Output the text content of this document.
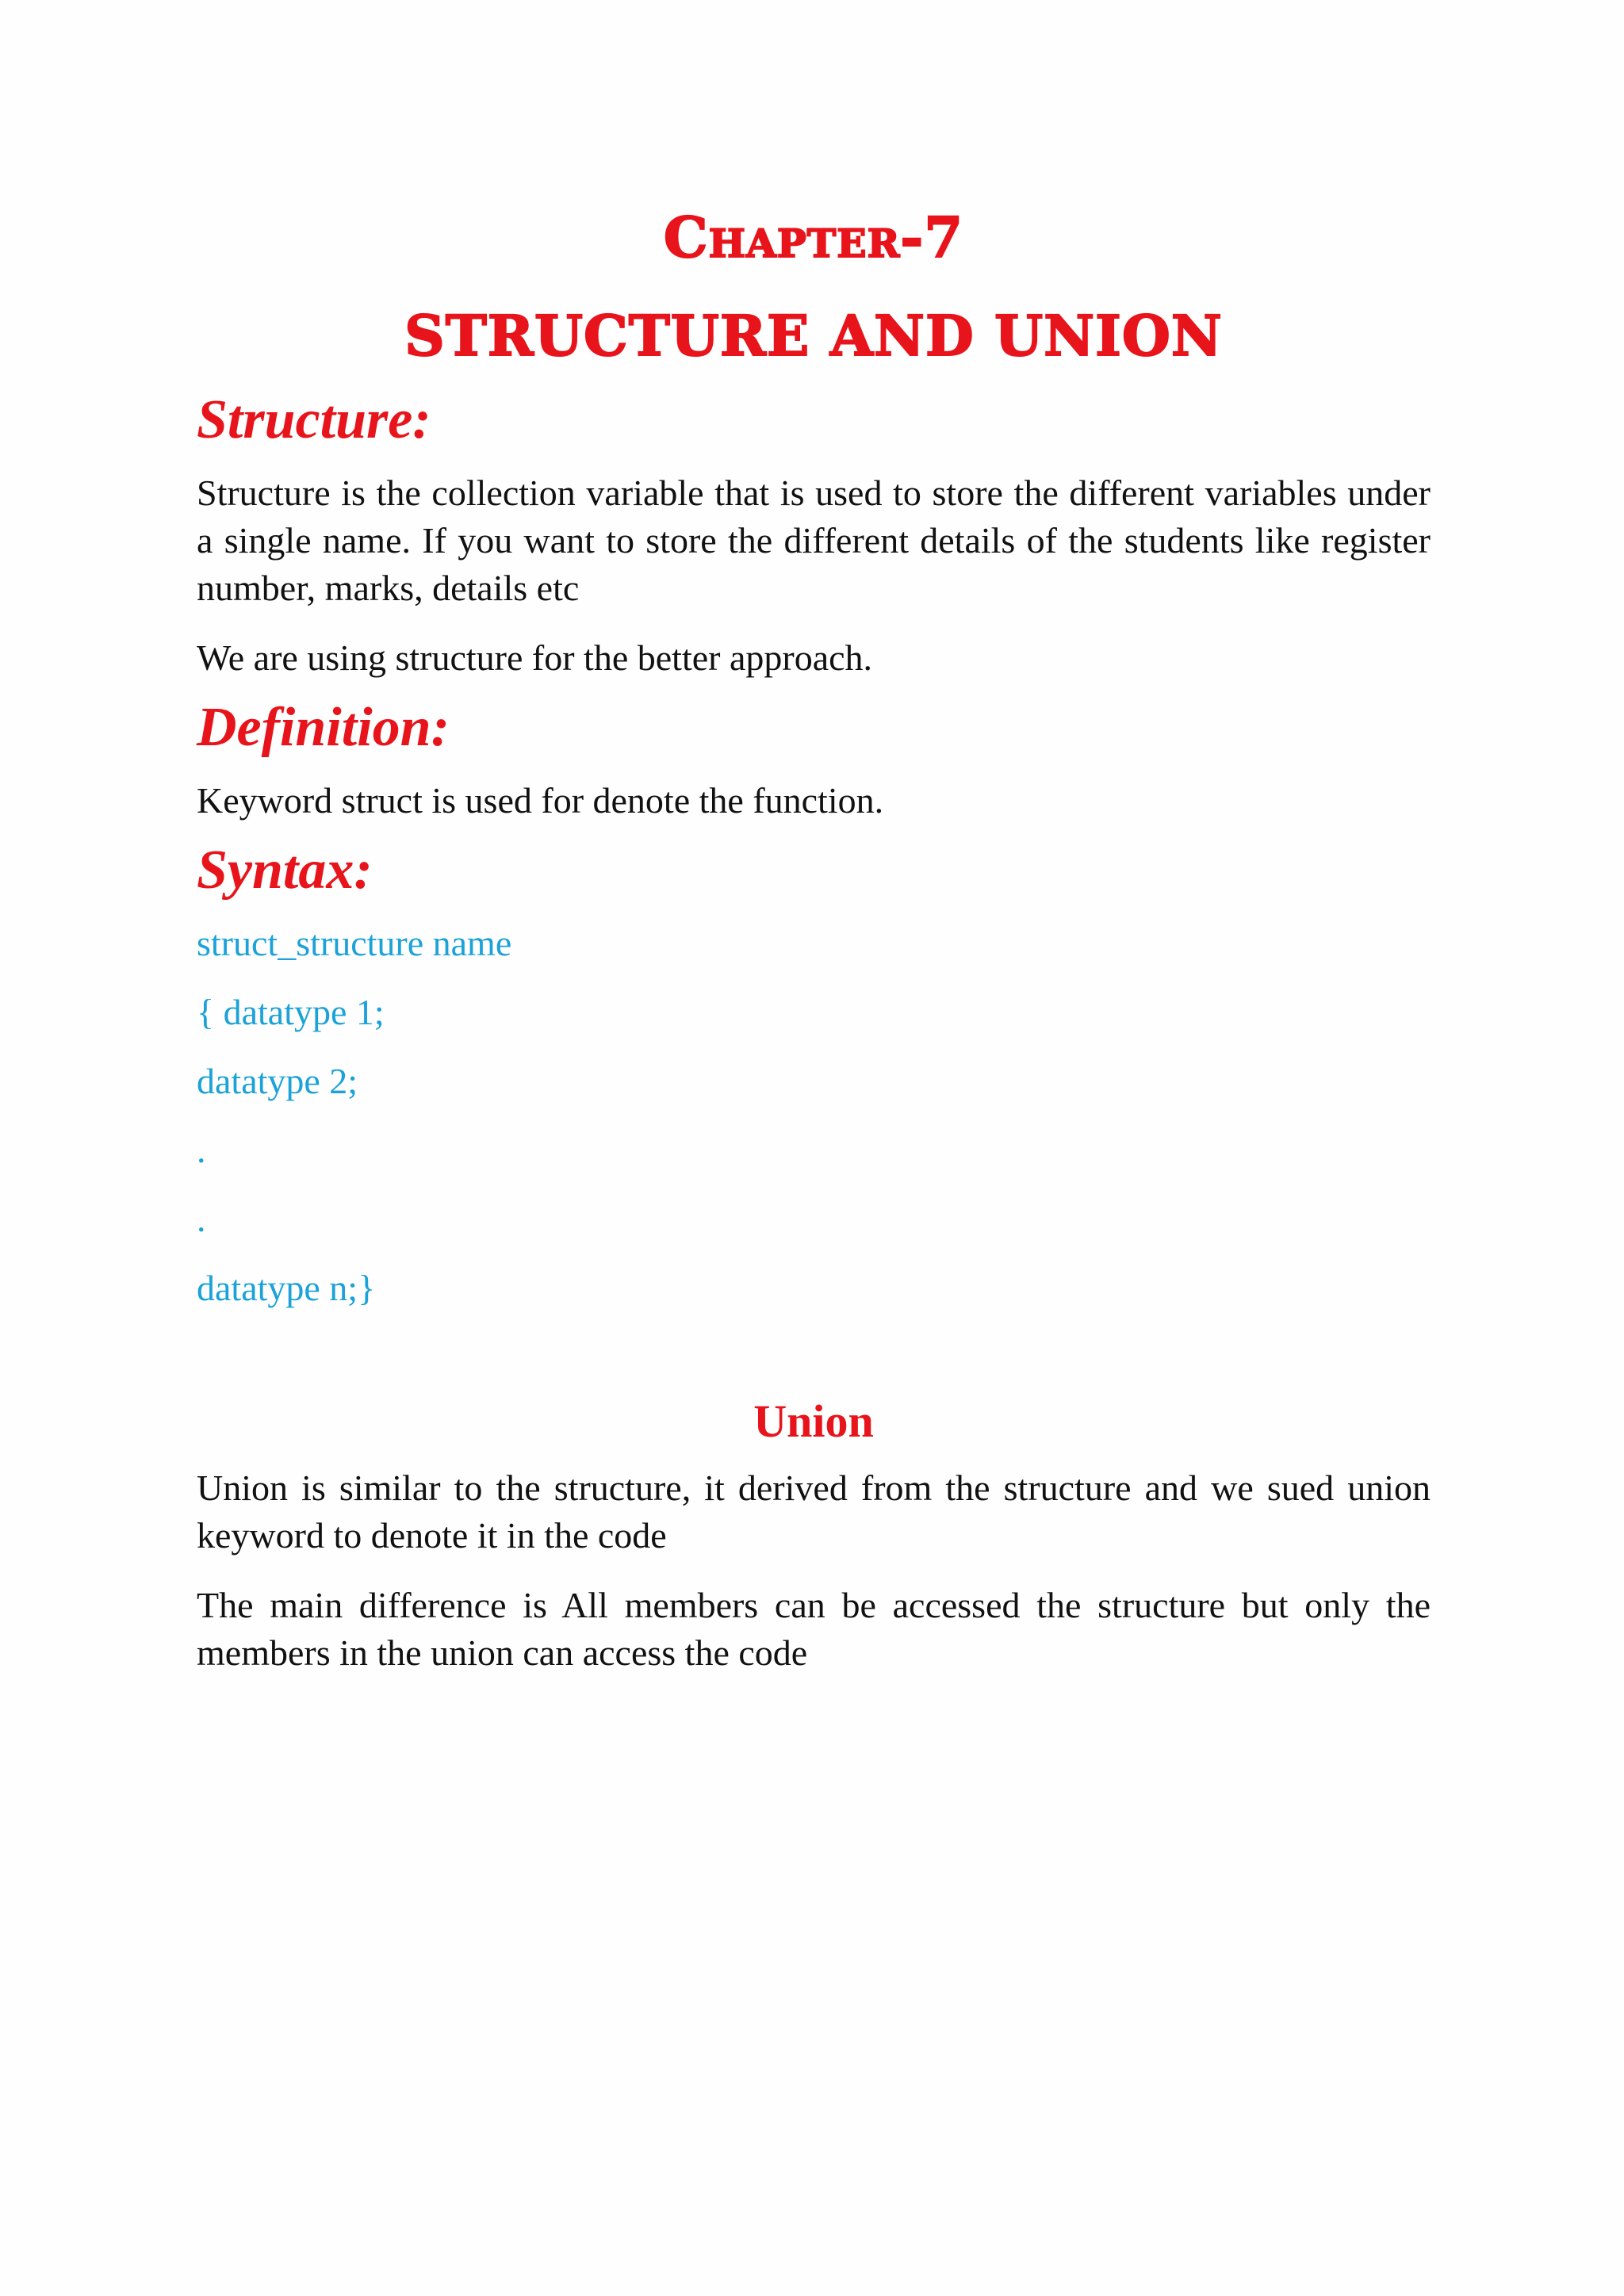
Chapter-7
STRUCTURE AND UNION
Structure:

Structure is the collection variable that is used to store the different variables under a single name. If you want to store the different details of the students like register number, marks, details etc

We are using structure for the better approach.

Definition:

Keyword struct is used for denote the function.

Syntax:

struct_structure name

{ datatype 1;

datatype 2;

.

.

datatype n;}

Union

Union is similar to the structure, it derived from the structure and we sued union keyword to denote it in the code

The main difference is All members can be accessed the structure but only the members in the union can access the code
